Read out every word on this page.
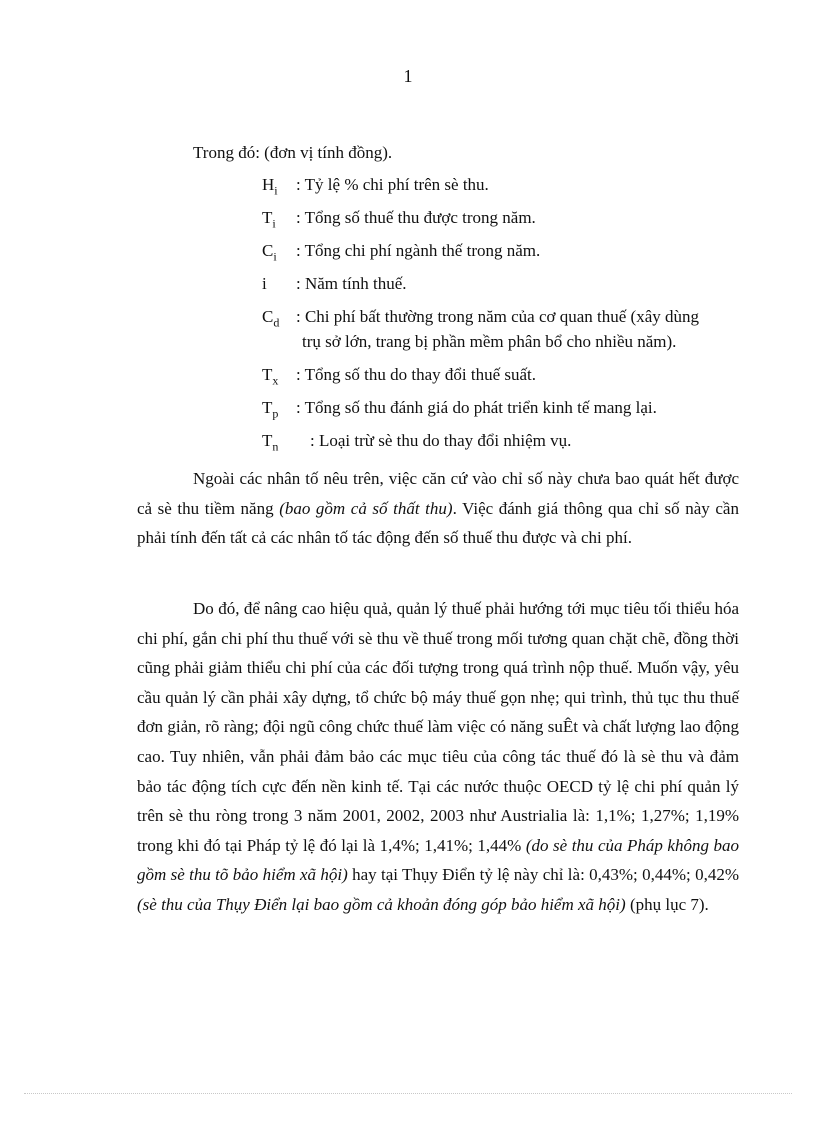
1

Trong đó: (đơn vị tính đồng).

$H_i$	: Tỷ lệ % chi phí trên sè thu.
$T_i$	: Tổng số thuế thu được trong năm.
$C_i$	: Tổng chi phí ngành thế trong năm.
i	: Năm tính thuế.
$C_d$ : Chi phí bất thường trong năm của cơ quan thuế (xây dùng
trụ sở lớn, trang bị phần mềm phân bổ cho nhiều năm).
$T_x$	: Tổng số thu do thay đổi thuế suất.
$T_p$	: Tổng số thu đánh giá do phát triển kinh tế mang lại.
$T_n$	: Loại trừ sè thu do thay đổi nhiệm vụ.

Ngoài các nhân tố nêu trên, việc căn cứ vào chỉ số này chưa bao quát hết được cả sè thu tiềm năng (bao gồm cả số thất thu). Việc đánh giá thông qua chỉ số này cần phải tính đến tất cả các nhân tố tác động đến số thuế thu được và chi phí.

Do đó, để nâng cao hiệu quả, quản lý thuế phải hướng tới mục tiêu tối thiểu hóa chi phí, gắn chi phí thu thuế với sè thu về thuế trong mối tương quan chặt chẽ, đồng thời cũng phải giảm thiểu chi phí của các đối tượng trong quá trình nộp thuế. Muốn vậy, yêu cầu quản lý cần phải xây dựng, tổ chức bộ máy thuế gọn nhẹ; qui trình, thủ tục thu thuế đơn giản, rõ ràng; đội ngũ công chức thuế làm việc có năng suÊt và chất lượng lao động cao. Tuy nhiên, vẫn phải đảm bảo các mục tiêu của công tác thuế đó là sè thu và đảm bảo tác động tích cực đến nền kinh tế. Tại các nước thuộc OECD tỷ lệ chi phí quản lý trên sè thu ròng trong 3 năm 2001, 2002, 2003 như Austrialia là: 1,1%; 1,27%; 1,19% trong khi đó tại Pháp tỷ lệ đó lại là 1,4%; 1,41%; 1,44% (do sè thu của Pháp không bao gồm sè thu tõ bảo hiểm xã hội) hay tại Thụy Điển tỷ lệ này chỉ là: 0,43%; 0,44%; 0,42% (sè thu của Thụy Điển lại bao gồm cả khoản đóng góp bảo hiểm xã hội) (phụ lục 7).
